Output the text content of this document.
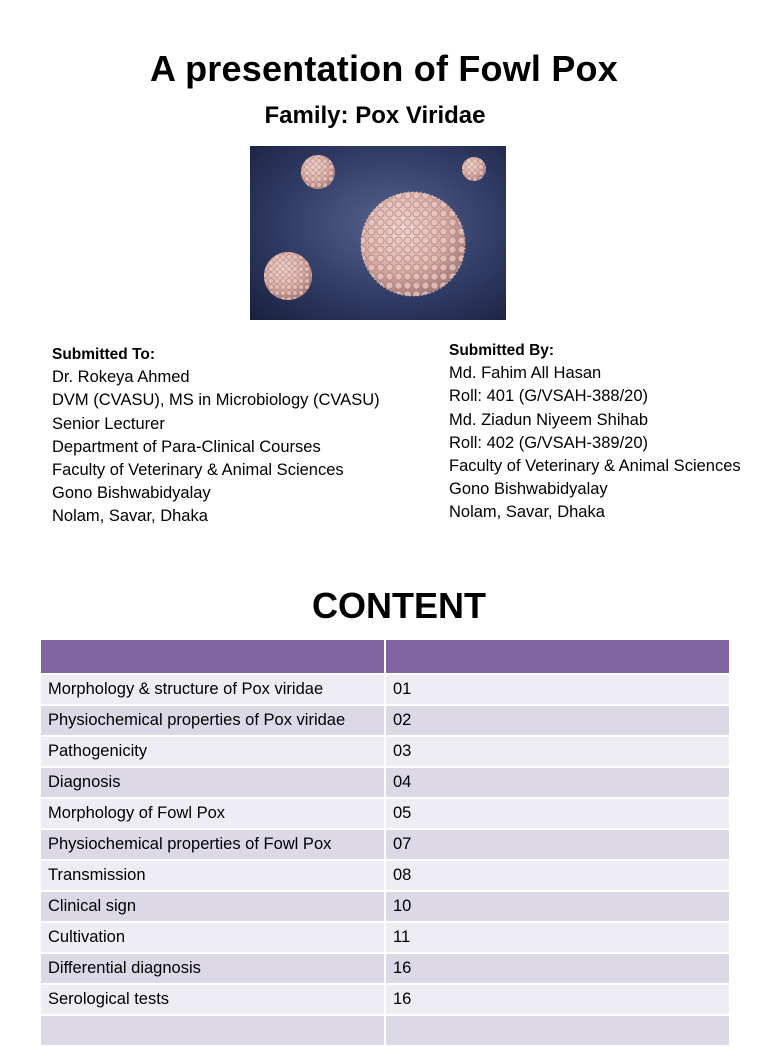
A presentation of Fowl Pox
Family: Pox Viridae
Submitted To:
Dr. Rokeya Ahmed
DVM (CVASU), MS in Microbiology (CVASU)
Senior Lecturer
Department of Para-Clinical Courses
Faculty of Veterinary & Animal Sciences
Gono Bishwabidyalay
Nolam, Savar, Dhaka
Submitted By:
Md. Fahim All Hasan
Roll: 401 (G/VSAH-388/20)
Md. Ziadun Niyeem Shihab
Roll: 402 (G/VSAH-389/20)
Faculty of Veterinary & Animal Sciences
Gono Bishwabidyalay
Nolam, Savar, Dhaka
CONTENT

Morphology & structure of Pox viridae	01
Physiochemical properties of Pox viridae	02
Pathogenicity	03
Diagnosis	04
Morphology of Fowl Pox	05
Physiochemical properties of Fowl Pox	07
Transmission	08
Clinical sign	10
Cultivation	11
Differential diagnosis	16
Serological tests	16
